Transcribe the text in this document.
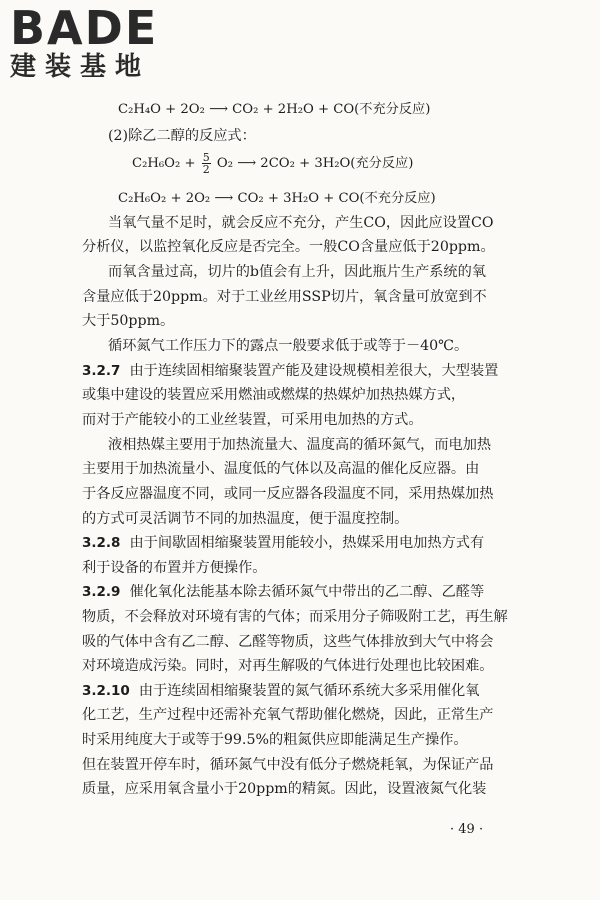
BADE
建装基地
C₂H₄O + 2O₂ ⟶ CO₂ + 2H₂O + CO(不充分反应)
(2)除乙二醇的反应式：
$C_2H_6O_2 + \frac{5}{2} O_2$ ⟶ 2CO₂ + 3H₂O(充分反应)
C₂H₆O₂ + 2O₂ ⟶ CO₂ + 3H₂O + CO(不充分反应)
当氧气量不足时，就会反应不充分，产生CO，因此应设置CO
分析仪，以监控氧化反应是否完全。一般CO含量应低于20ppm。
而氧含量过高，切片的b值会有上升，因此瓶片生产系统的氧
含量应低于20ppm。对于工业丝用SSP切片，氧含量可放宽到不
大于50ppm。
循环氮气工作压力下的露点一般要求低于或等于－40℃。
3.2.7 由于连续固相缩聚装置产能及建设规模相差很大，大型装置
或集中建设的装置应采用燃油或燃煤的热媒炉加热热媒方式，
而对于产能较小的工业丝装置，可采用电加热的方式。
液相热媒主要用于加热流量大、温度高的循环氮气，而电加热
主要用于加热流量小、温度低的气体以及高温的催化反应器。由
于各反应器温度不同，或同一反应器各段温度不同，采用热媒加热
的方式可灵活调节不同的加热温度，便于温度控制。
3.2.8 由于间歇固相缩聚装置用能较小，热媒采用电加热方式有
利于设备的布置并方便操作。
3.2.9 催化氧化法能基本除去循环氮气中带出的乙二醇、乙醛等
物质，不会释放对环境有害的气体；而采用分子筛吸附工艺，再生解
吸的气体中含有乙二醇、乙醛等物质，这些气体排放到大气中将会
对环境造成污染。同时，对再生解吸的气体进行处理也比较困难。
3.2.10 由于连续固相缩聚装置的氮气循环系统大多采用催化氧
化工艺，生产过程中还需补充氧气帮助催化燃烧，因此，正常生产
时采用纯度大于或等于99.5%的粗氮供应即能满足生产操作。
但在装置开停车时，循环氮气中没有低分子燃烧耗氧，为保证产品
质量，应采用氧含量小于20ppm的精氮。因此，设置液氮气化装
· 49 ·
